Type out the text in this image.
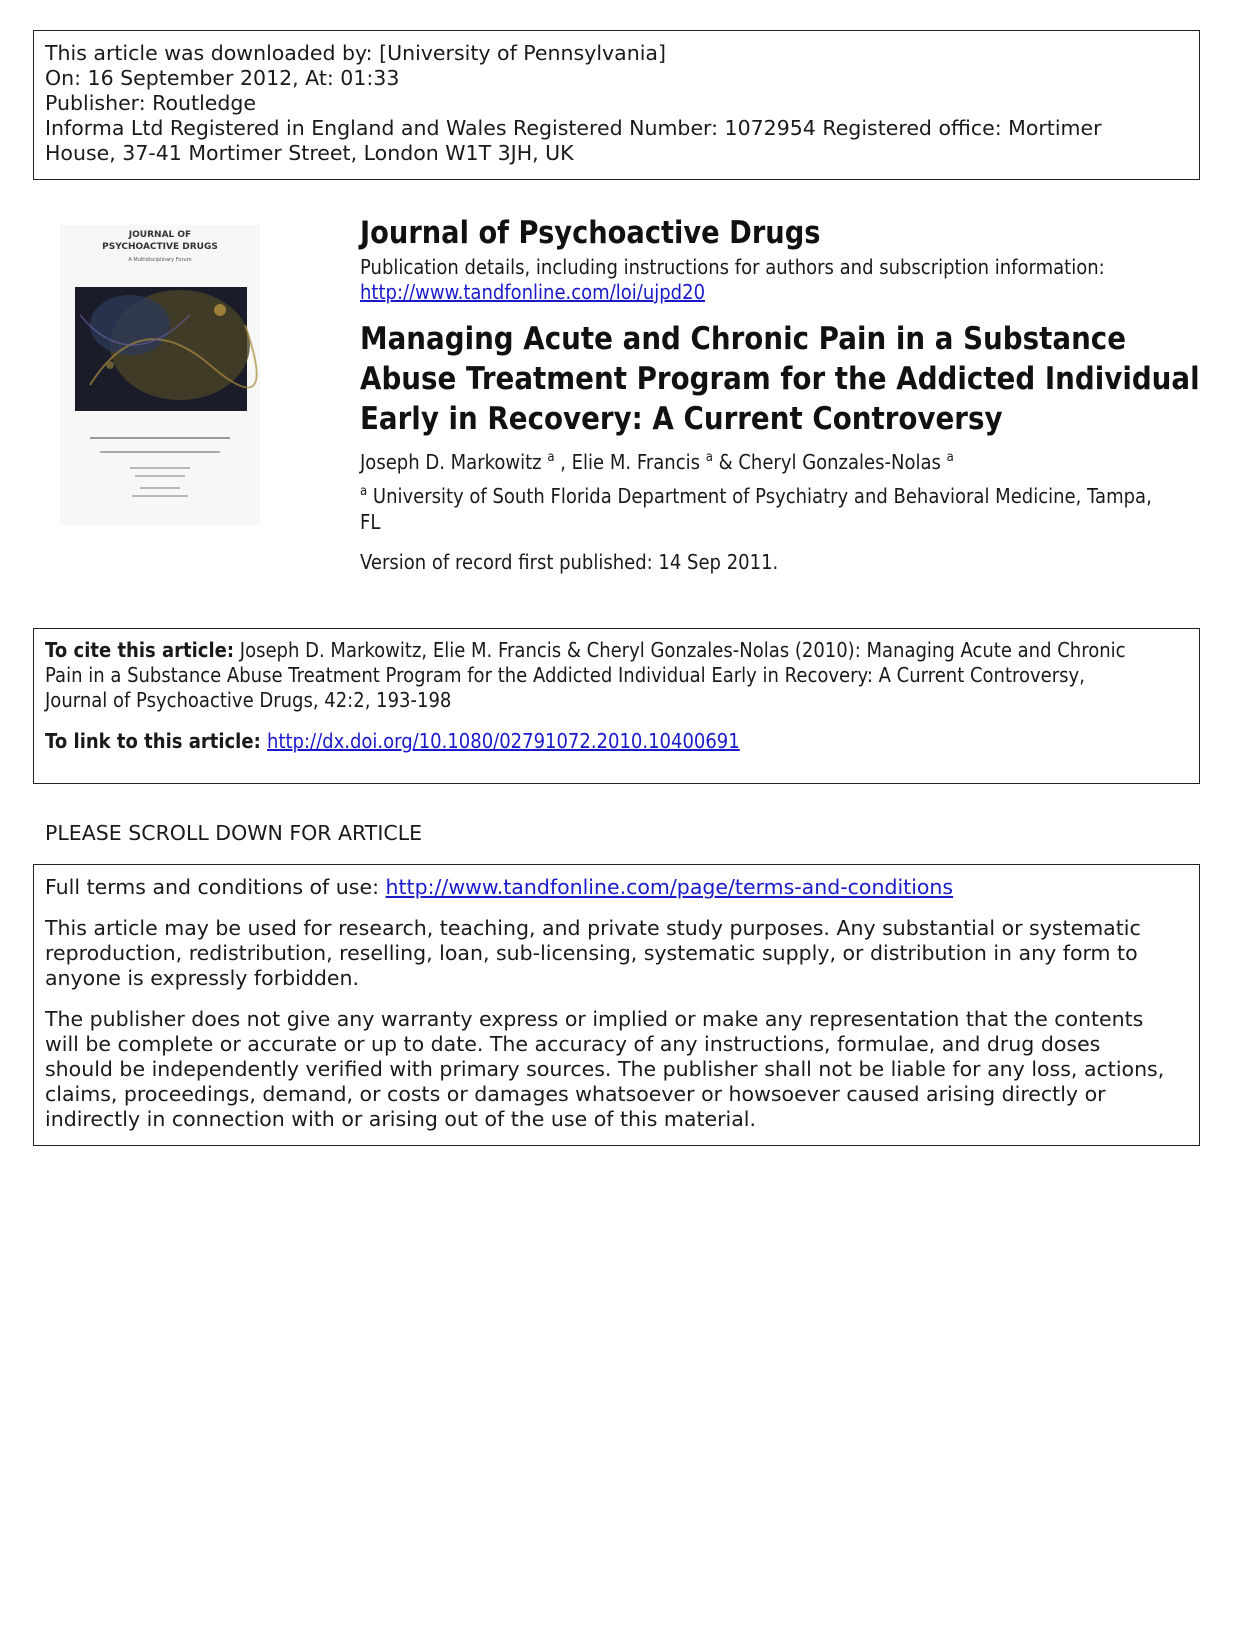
This article was downloaded by: [University of Pennsylvania]
On: 16 September 2012, At: 01:33
Publisher: Routledge
Informa Ltd Registered in England and Wales Registered Number: 1072954 Registered office: Mortimer
House, 37-41 Mortimer Street, London W1T 3JH, UK
JOURNAL OF
PSYCHOACTIVE DRUGS
A Multidisciplinary Forum
Journal of Psychoactive Drugs
Publication details, including instructions for authors and subscription information:
http://www.tandfonline.com/loi/ujpd20
Managing Acute and Chronic Pain in a Substance
Abuse Treatment Program for the Addicted Individual
Early in Recovery: A Current Controversy
Joseph D. Markowitz $^a$ , Elie M. Francis $^a$ & Cheryl Gonzales-Nolas $^a$
$^a$ University of South Florida Department of Psychiatry and Behavioral Medicine, Tampa,
FL
Version of record first published: 14 Sep 2011.
To cite this article: Joseph D. Markowitz, Elie M. Francis & Cheryl Gonzales-Nolas (2010): Managing Acute and Chronic
Pain in a Substance Abuse Treatment Program for the Addicted Individual Early in Recovery: A Current Controversy,
Journal of Psychoactive Drugs, 42:2, 193-198
To link to this article: http://dx.doi.org/10.1080/02791072.2010.10400691
PLEASE SCROLL DOWN FOR ARTICLE
Full terms and conditions of use: http://www.tandfonline.com/page/terms-and-conditions
This article may be used for research, teaching, and private study purposes. Any substantial or systematic
reproduction, redistribution, reselling, loan, sub-licensing, systematic supply, or distribution in any form to
anyone is expressly forbidden.
The publisher does not give any warranty express or implied or make any representation that the contents
will be complete or accurate or up to date. The accuracy of any instructions, formulae, and drug doses
should be independently verified with primary sources. The publisher shall not be liable for any loss, actions,
claims, proceedings, demand, or costs or damages whatsoever or howsoever caused arising directly or
indirectly in connection with or arising out of the use of this material.
